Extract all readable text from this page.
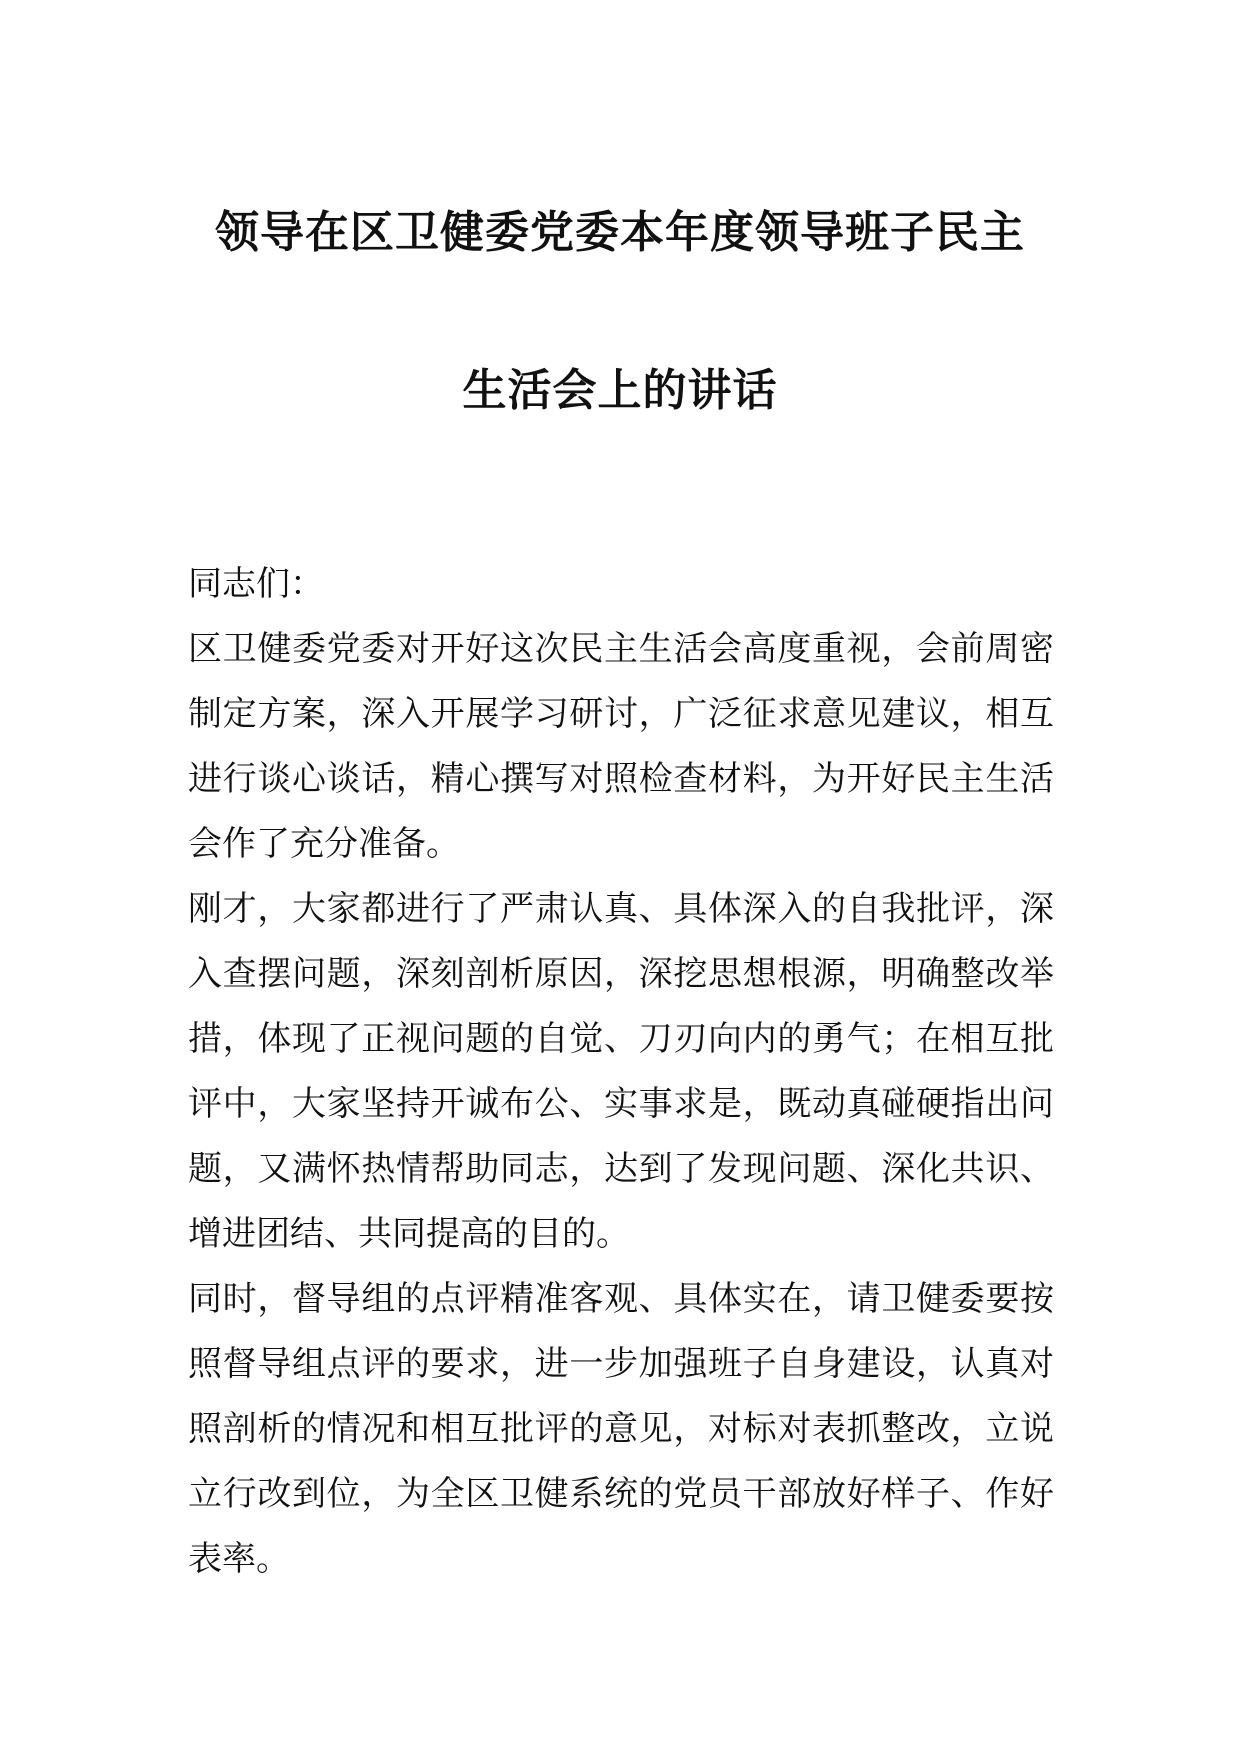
领导在区卫健委党委本年度领导班子民主
生活会上的讲话

同志们：

区卫健委党委对开好这次民主生活会高度重视，会前周密制定方案，深入开展学习研讨，广泛征求意见建议，相互进行谈心谈话，精心撰写对照检查材料，为开好民主生活会作了充分准备。

刚才，大家都进行了严肃认真、具体深入的自我批评，深入查摆问题，深刻剖析原因，深挖思想根源，明确整改举措，体现了正视问题的自觉、刀刃向内的勇气；在相互批评中，大家坚持开诚布公、实事求是，既动真碰硬指出问题，又满怀热情帮助同志，达到了发现问题、深化共识、增进团结、共同提高的目的。

同时，督导组的点评精准客观、具体实在，请卫健委要按照督导组点评的要求，进一步加强班子自身建设，认真对照剖析的情况和相互批评的意见，对标对表抓整改，立说立行改到位，为全区卫健系统的党员干部放好样子、作好表率。
